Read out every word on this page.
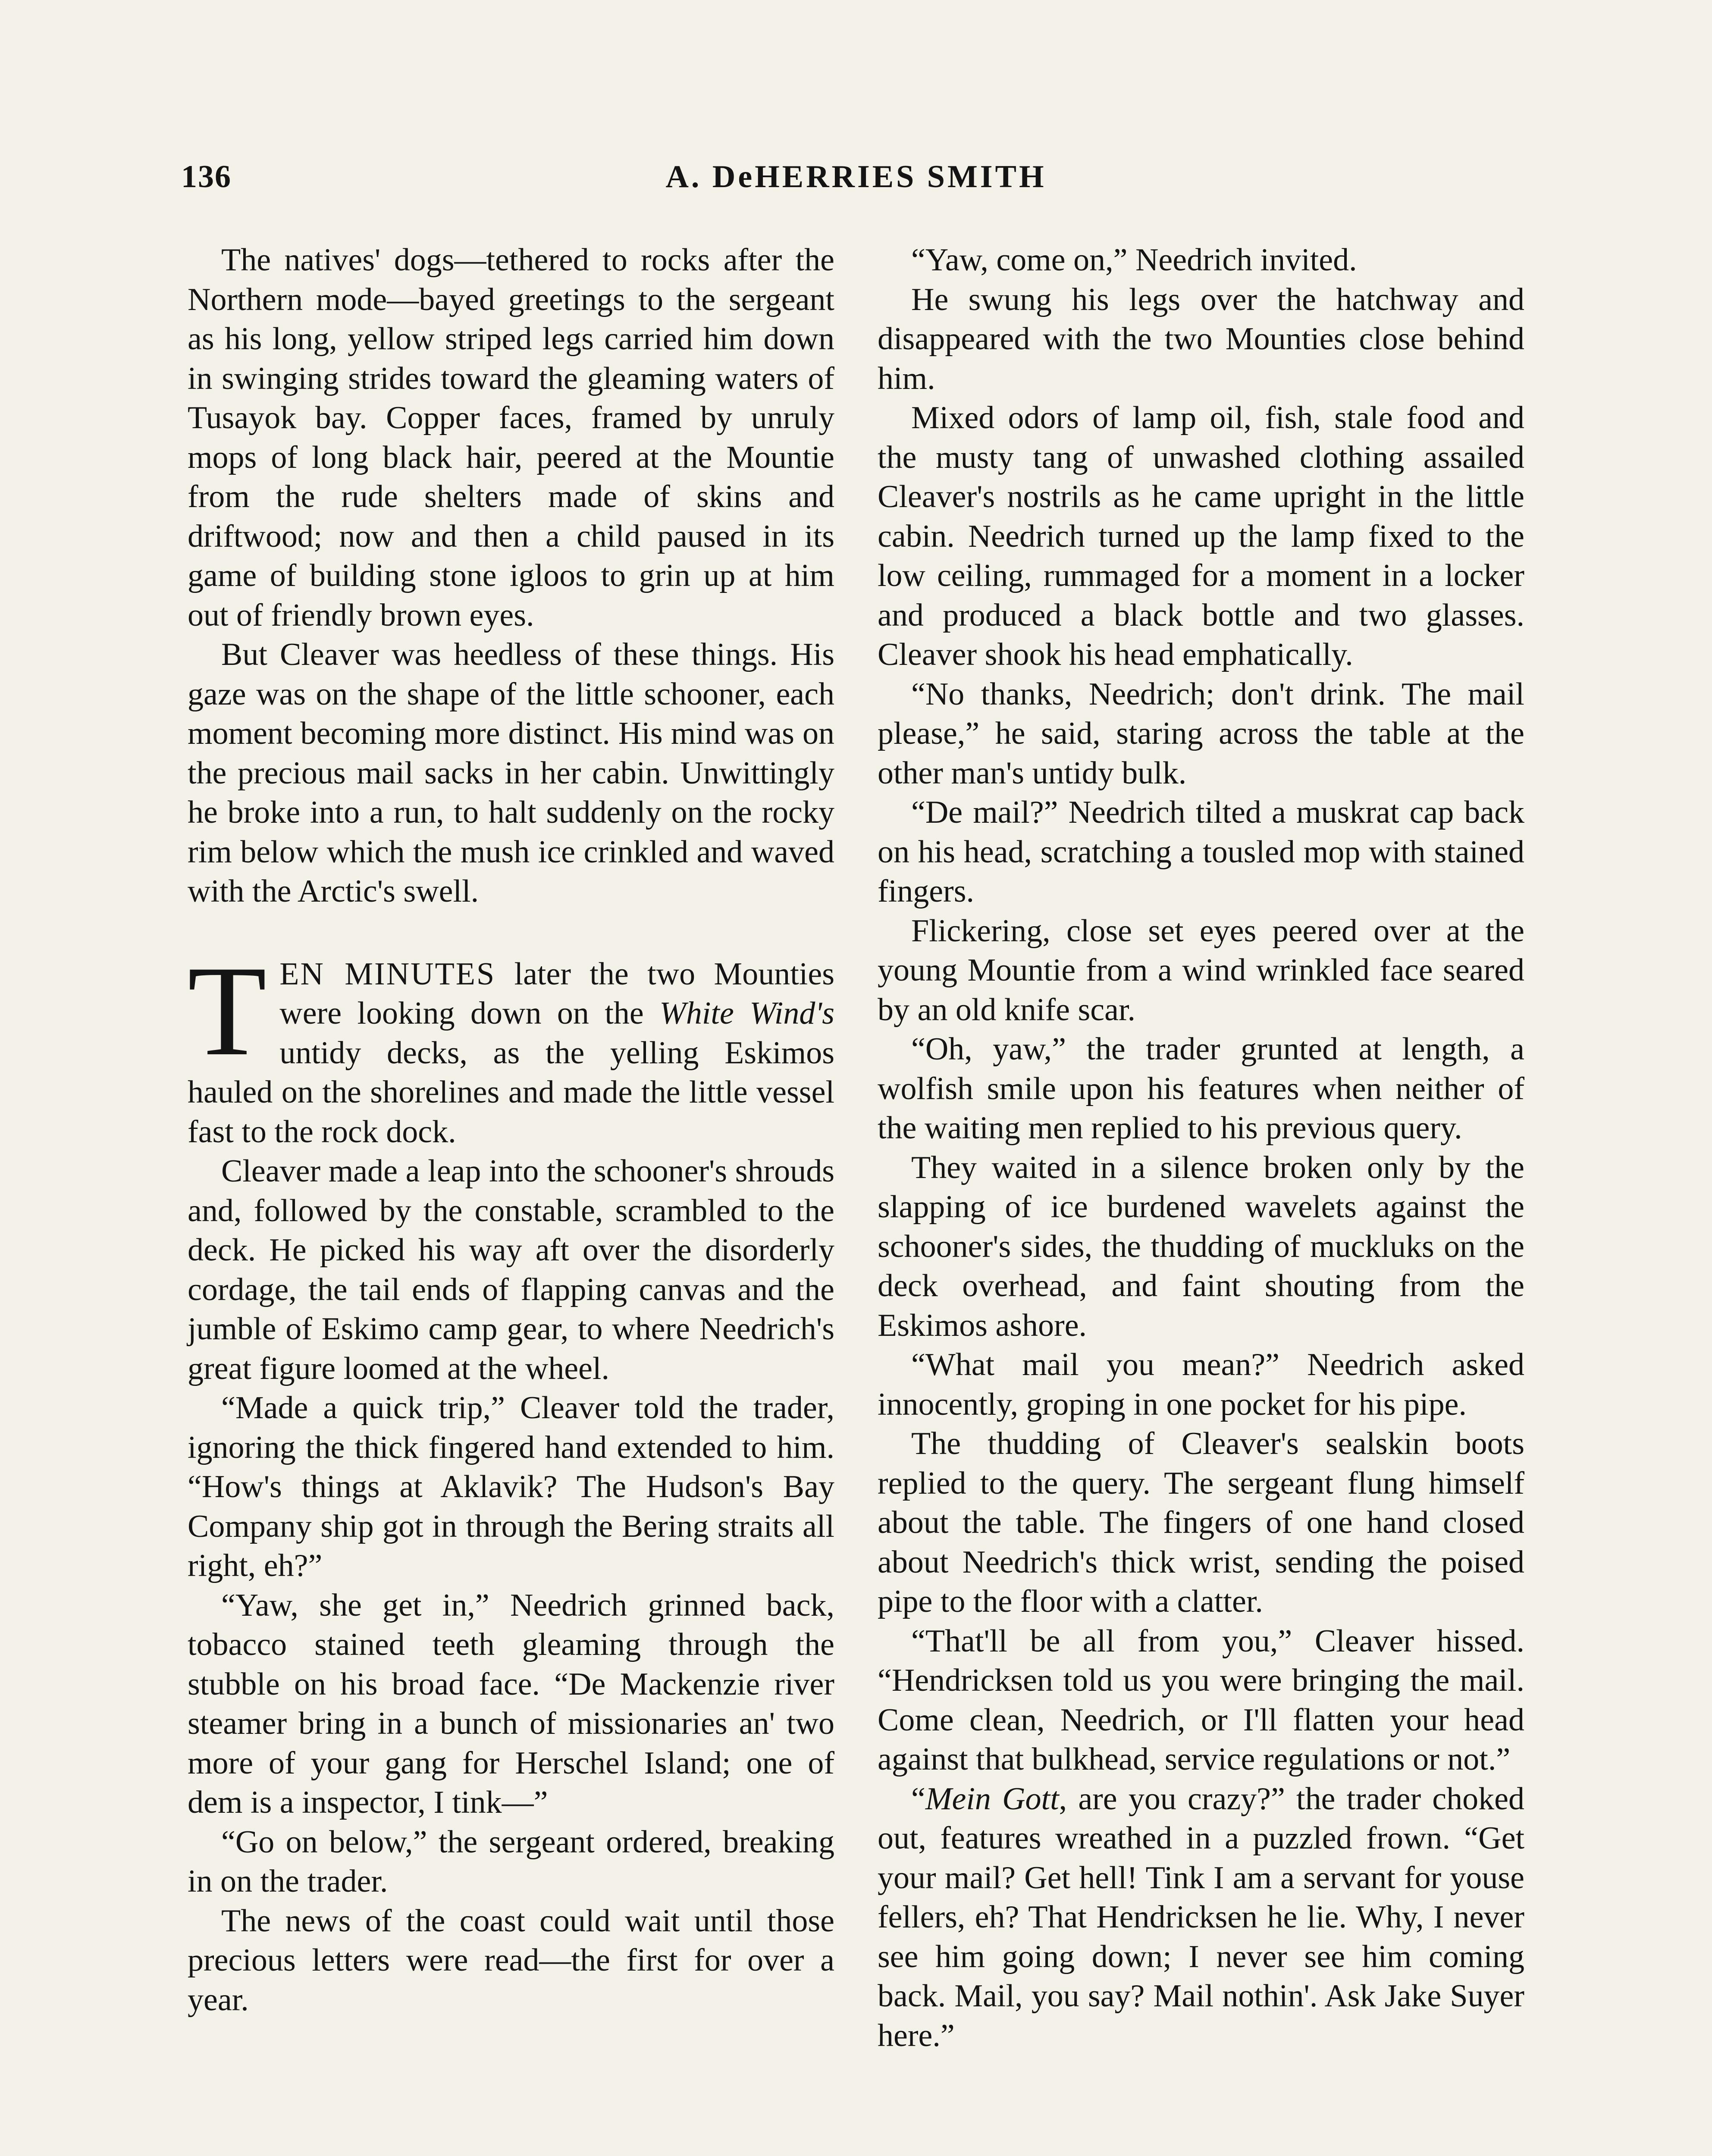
136	A. DeHERRIES SMITH

The natives' dogs—tethered to rocks after the Northern mode—bayed greetings to the sergeant as his long, yellow striped legs carried him down in swinging strides toward the gleaming waters of Tusayok bay. Copper faces, framed by unruly mops of long black hair, peered at the Mountie from the rude shelters made of skins and driftwood; now and then a child paused in its game of building stone igloos to grin up at him out of friendly brown eyes.

But Cleaver was heedless of these things. His gaze was on the shape of the little schooner, each moment becoming more distinct. His mind was on the precious mail sacks in her cabin. Unwittingly he broke into a run, to halt suddenly on the rocky rim below which the mush ice crinkled and waved with the Arctic's swell.

TEN MINUTES later the two Mounties were looking down on the White Wind's untidy decks, as the yelling Eskimos hauled on the shorelines and made the little vessel fast to the rock dock.

Cleaver made a leap into the schooner's shrouds and, followed by the constable, scrambled to the deck. He picked his way aft over the disorderly cordage, the tail ends of flapping canvas and the jumble of Eskimo camp gear, to where Needrich's great figure loomed at the wheel.

“Made a quick trip,” Cleaver told the trader, ignoring the thick fingered hand extended to him. “How's things at Aklavik? The Hudson's Bay Company ship got in through the Bering straits all right, eh?”

“Yaw, she get in,” Needrich grinned back, tobacco stained teeth gleaming through the stubble on his broad face. “De Mackenzie river steamer bring in a bunch of missionaries an' two more of your gang for Herschel Island; one of dem is a inspector, I tink—”

“Go on below,” the sergeant ordered, breaking in on the trader.

The news of the coast could wait until those precious letters were read—the first for over a year.

“Yaw, come on,” Needrich invited.

He swung his legs over the hatchway and disappeared with the two Mounties close behind him.

Mixed odors of lamp oil, fish, stale food and the musty tang of unwashed clothing assailed Cleaver's nostrils as he came upright in the little cabin. Needrich turned up the lamp fixed to the low ceiling, rummaged for a moment in a locker and produced a black bottle and two glasses. Cleaver shook his head emphatically.

“No thanks, Needrich; don't drink. The mail please,” he said, staring across the table at the other man's untidy bulk.

“De mail?” Needrich tilted a muskrat cap back on his head, scratching a tousled mop with stained fingers.

Flickering, close set eyes peered over at the young Mountie from a wind wrinkled face seared by an old knife scar.

“Oh, yaw,” the trader grunted at length, a wolfish smile upon his features when neither of the waiting men replied to his previous query.

They waited in a silence broken only by the slapping of ice burdened wavelets against the schooner's sides, the thudding of muckluks on the deck overhead, and faint shouting from the Eskimos ashore.

“What mail you mean?” Needrich asked innocently, groping in one pocket for his pipe.

The thudding of Cleaver's sealskin boots replied to the query. The sergeant flung himself about the table. The fingers of one hand closed about Needrich's thick wrist, sending the poised pipe to the floor with a clatter.

“That'll be all from you,” Cleaver hissed. “Hendricksen told us you were bringing the mail. Come clean, Needrich, or I'll flatten your head against that bulkhead, service regulations or not.”

“Mein Gott, are you crazy?” the trader choked out, features wreathed in a puzzled frown. “Get your mail? Get hell! Tink I am a servant for youse fellers, eh? That Hendricksen he lie. Why, I never see him going down; I never see him coming back. Mail, you say? Mail nothin'. Ask Jake Suyer here.”
